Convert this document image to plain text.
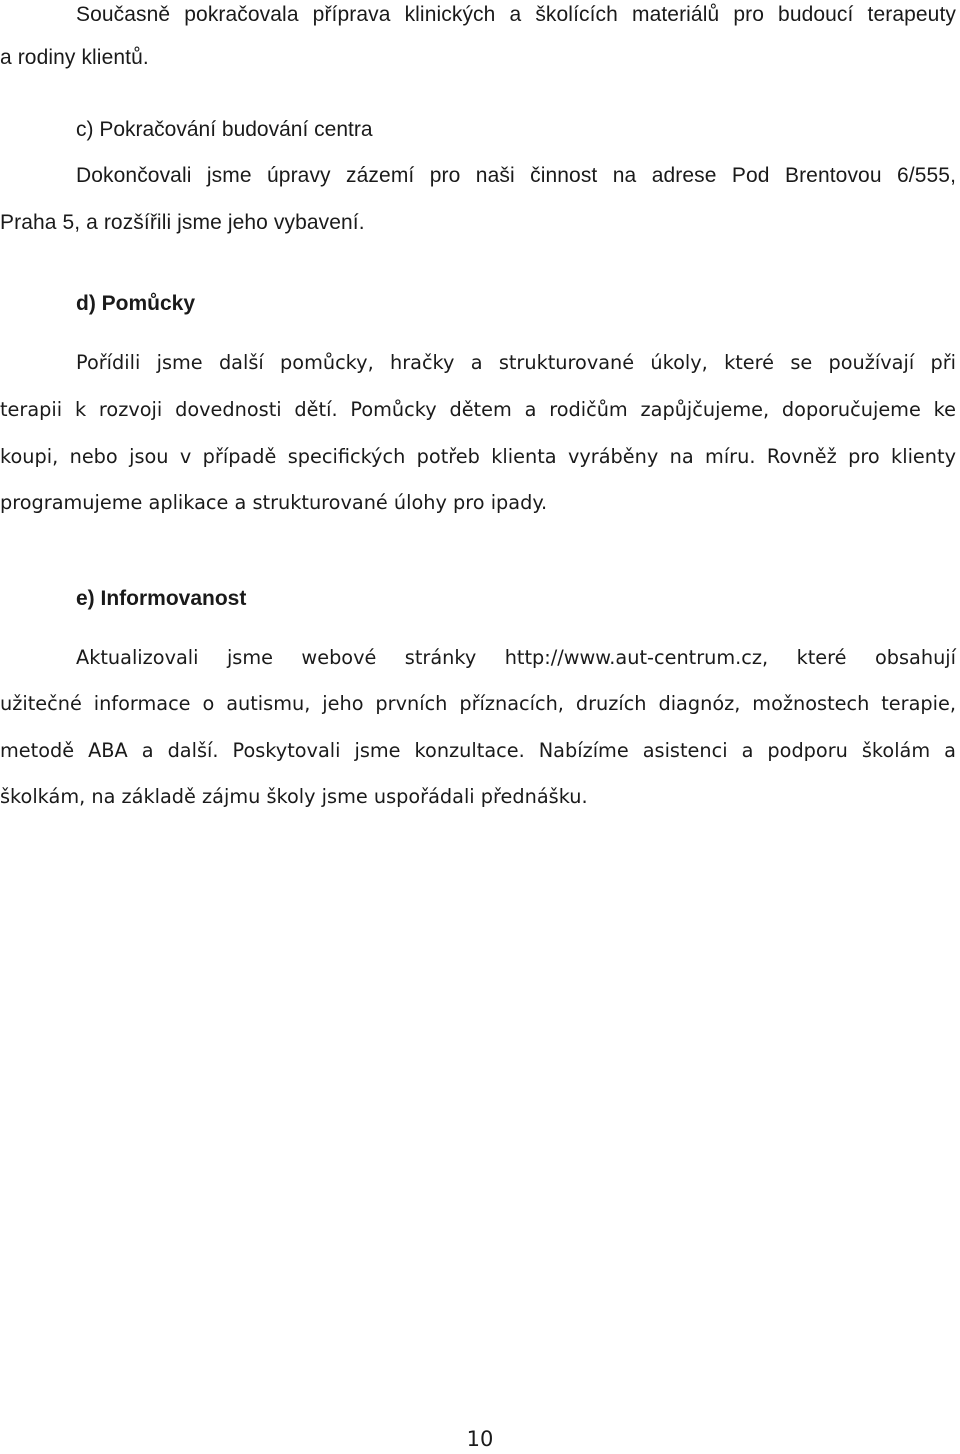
Současně pokračovala příprava klinických a školících materiálů pro budoucí terapeuty
a rodiny klientů.
c) Pokračování budování centra
Dokončovali jsme úpravy zázemí pro naši činnost na adrese Pod Brentovou 6/555,
Praha 5, a rozšířili jsme jeho vybavení.
d) Pomůcky
Pořídili jsme další pomůcky, hračky a strukturované úkoly, které se používají při
terapii k rozvoji dovednosti dětí. Pomůcky dětem a rodičům zapůjčujeme, doporučujeme ke
koupi, nebo jsou v případě specifických potřeb klienta vyráběny na míru. Rovněž pro klienty
programujeme aplikace a strukturované úlohy pro ipady.
e) Informovanost
Aktualizovali jsme webové stránky http://www.aut-centrum.cz, které obsahují
užitečné informace o autismu, jeho prvních příznacích, druzích diagnóz, možnostech terapie,
metodě ABA a další. Poskytovali jsme konzultace. Nabízíme asistenci a podporu školám a
školkám, na základě zájmu školy jsme uspořádali přednášku.
10
